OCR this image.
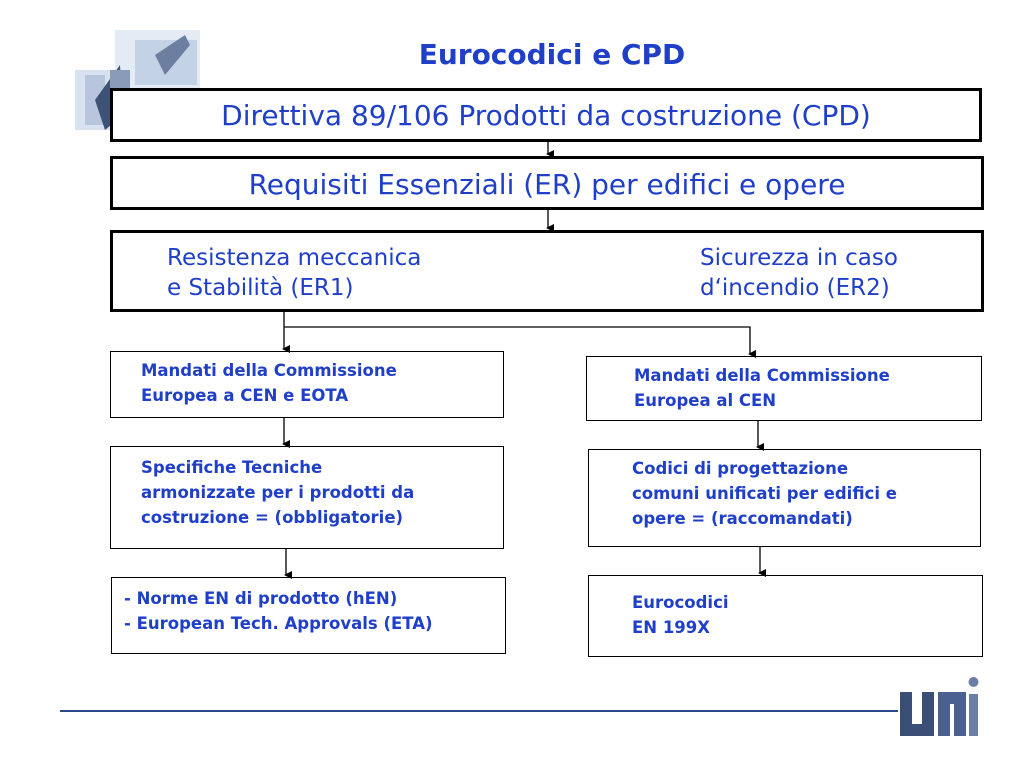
Eurocodici e CPD
Direttiva 89/106 Prodotti da costruzione (CPD)
Requisiti Essenziali (ER) per edifici e opere
Resistenza meccanica
e Stabilità (ER1)
Sicurezza in caso
d‘incendio (ER2)
Mandati della Commissione
Europea a CEN e EOTA
Specifiche Tecniche
armonizzate per i prodotti da
costruzione = (obbligatorie)
- Norme EN di prodotto (hEN)
- European Tech. Approvals (ETA)
Mandati della Commissione
Europea al CEN
Codici di progettazione
comuni unificati per edifici e
opere = (raccomandati)
Eurocodici
EN 199X
